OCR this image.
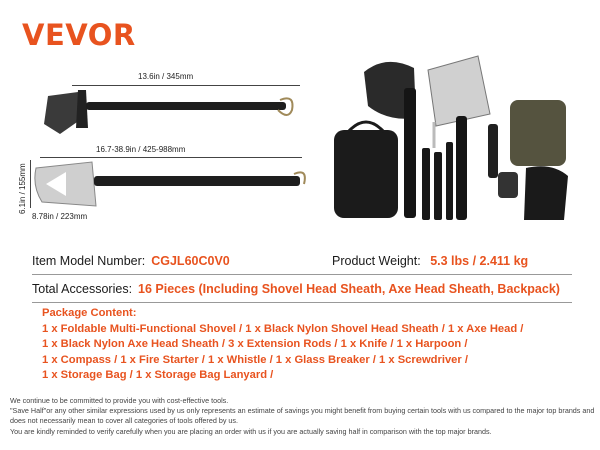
VEVOR
13.6in / 345mm
16.7-38.9in / 425-988mm
6.1in / 155mm
8.78in / 223mm
Item Model Number: CGJL60C0V0	Product Weight: 5.3 lbs / 2.411 kg
Total Accessories: 16 Pieces (Including Shovel Head Sheath, Axe Head Sheath, Backpack)
Package Content:
1 x Foldable Multi-Functional Shovel / 1 x Black Nylon Shovel Head Sheath / 1 x Axe Head /
1 x Black Nylon Axe Head Sheath / 3 x Extension Rods / 1 x Knife / 1 x Harpoon /
1 x Compass / 1 x Fire Starter / 1 x Whistle / 1 x Glass Breaker / 1 x Screwdriver /
1 x Storage Bag / 1 x Storage Bag Lanyard /
We continue to be committed to provide you with cost-effective tools.
"Save Half"or any other similar expressions used by us only represents an estimate of savings you might benefit from buying certain tools with us compared to the major top brands and does not necessarily mean to cover all categories of tools offered by us.
You are kindly reminded to verify carefully when you are placing an order with us if you are actually saving half in comparison with the top major brands.
